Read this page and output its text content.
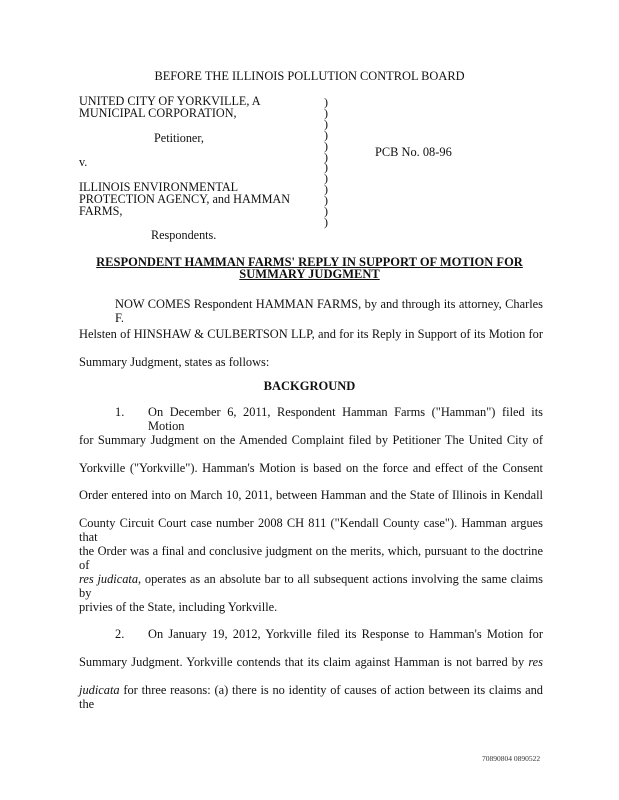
BEFORE THE ILLINOIS POLLUTION CONTROL BOARD
UNITED CITY OF YORKVILLE, A
MUNICIPAL CORPORATION,
Petitioner,
v.
ILLINOIS ENVIRONMENTAL
PROTECTION AGENCY, and HAMMAN
FARMS,
Respondents.
)
)
)
)
)
)
)
)
)
)
)
)
PCB No. 08-96
RESPONDENT HAMMAN FARMS' REPLY IN SUPPORT OF MOTION FOR
SUMMARY JUDGMENT
NOW COMES Respondent HAMMAN FARMS, by and through its attorney, Charles F.
Helsten of HINSHAW & CULBERTSON LLP, and for its Reply in Support of its Motion for
Summary Judgment, states as follows:
BACKGROUND
1. On December 6, 2011, Respondent Hamman Farms ("Hamman") filed its Motion
for Summary Judgment on the Amended Complaint filed by Petitioner The United City of
Yorkville ("Yorkville"). Hamman's Motion is based on the force and effect of the Consent
Order entered into on March 10, 2011, between Hamman and the State of Illinois in Kendall
County Circuit Court case number 2008 CH 811 ("Kendall County case"). Hamman argues that
the Order was a final and conclusive judgment on the merits, which, pursuant to the doctrine of
res judicata, operates as an absolute bar to all subsequent actions involving the same claims by
privies of the State, including Yorkville.
2. On January 19, 2012, Yorkville filed its Response to Hamman's Motion for
Summary Judgment. Yorkville contends that its claim against Hamman is not barred by res
judicata for three reasons: (a) there is no identity of causes of action between its claims and the
70890804 0890522
